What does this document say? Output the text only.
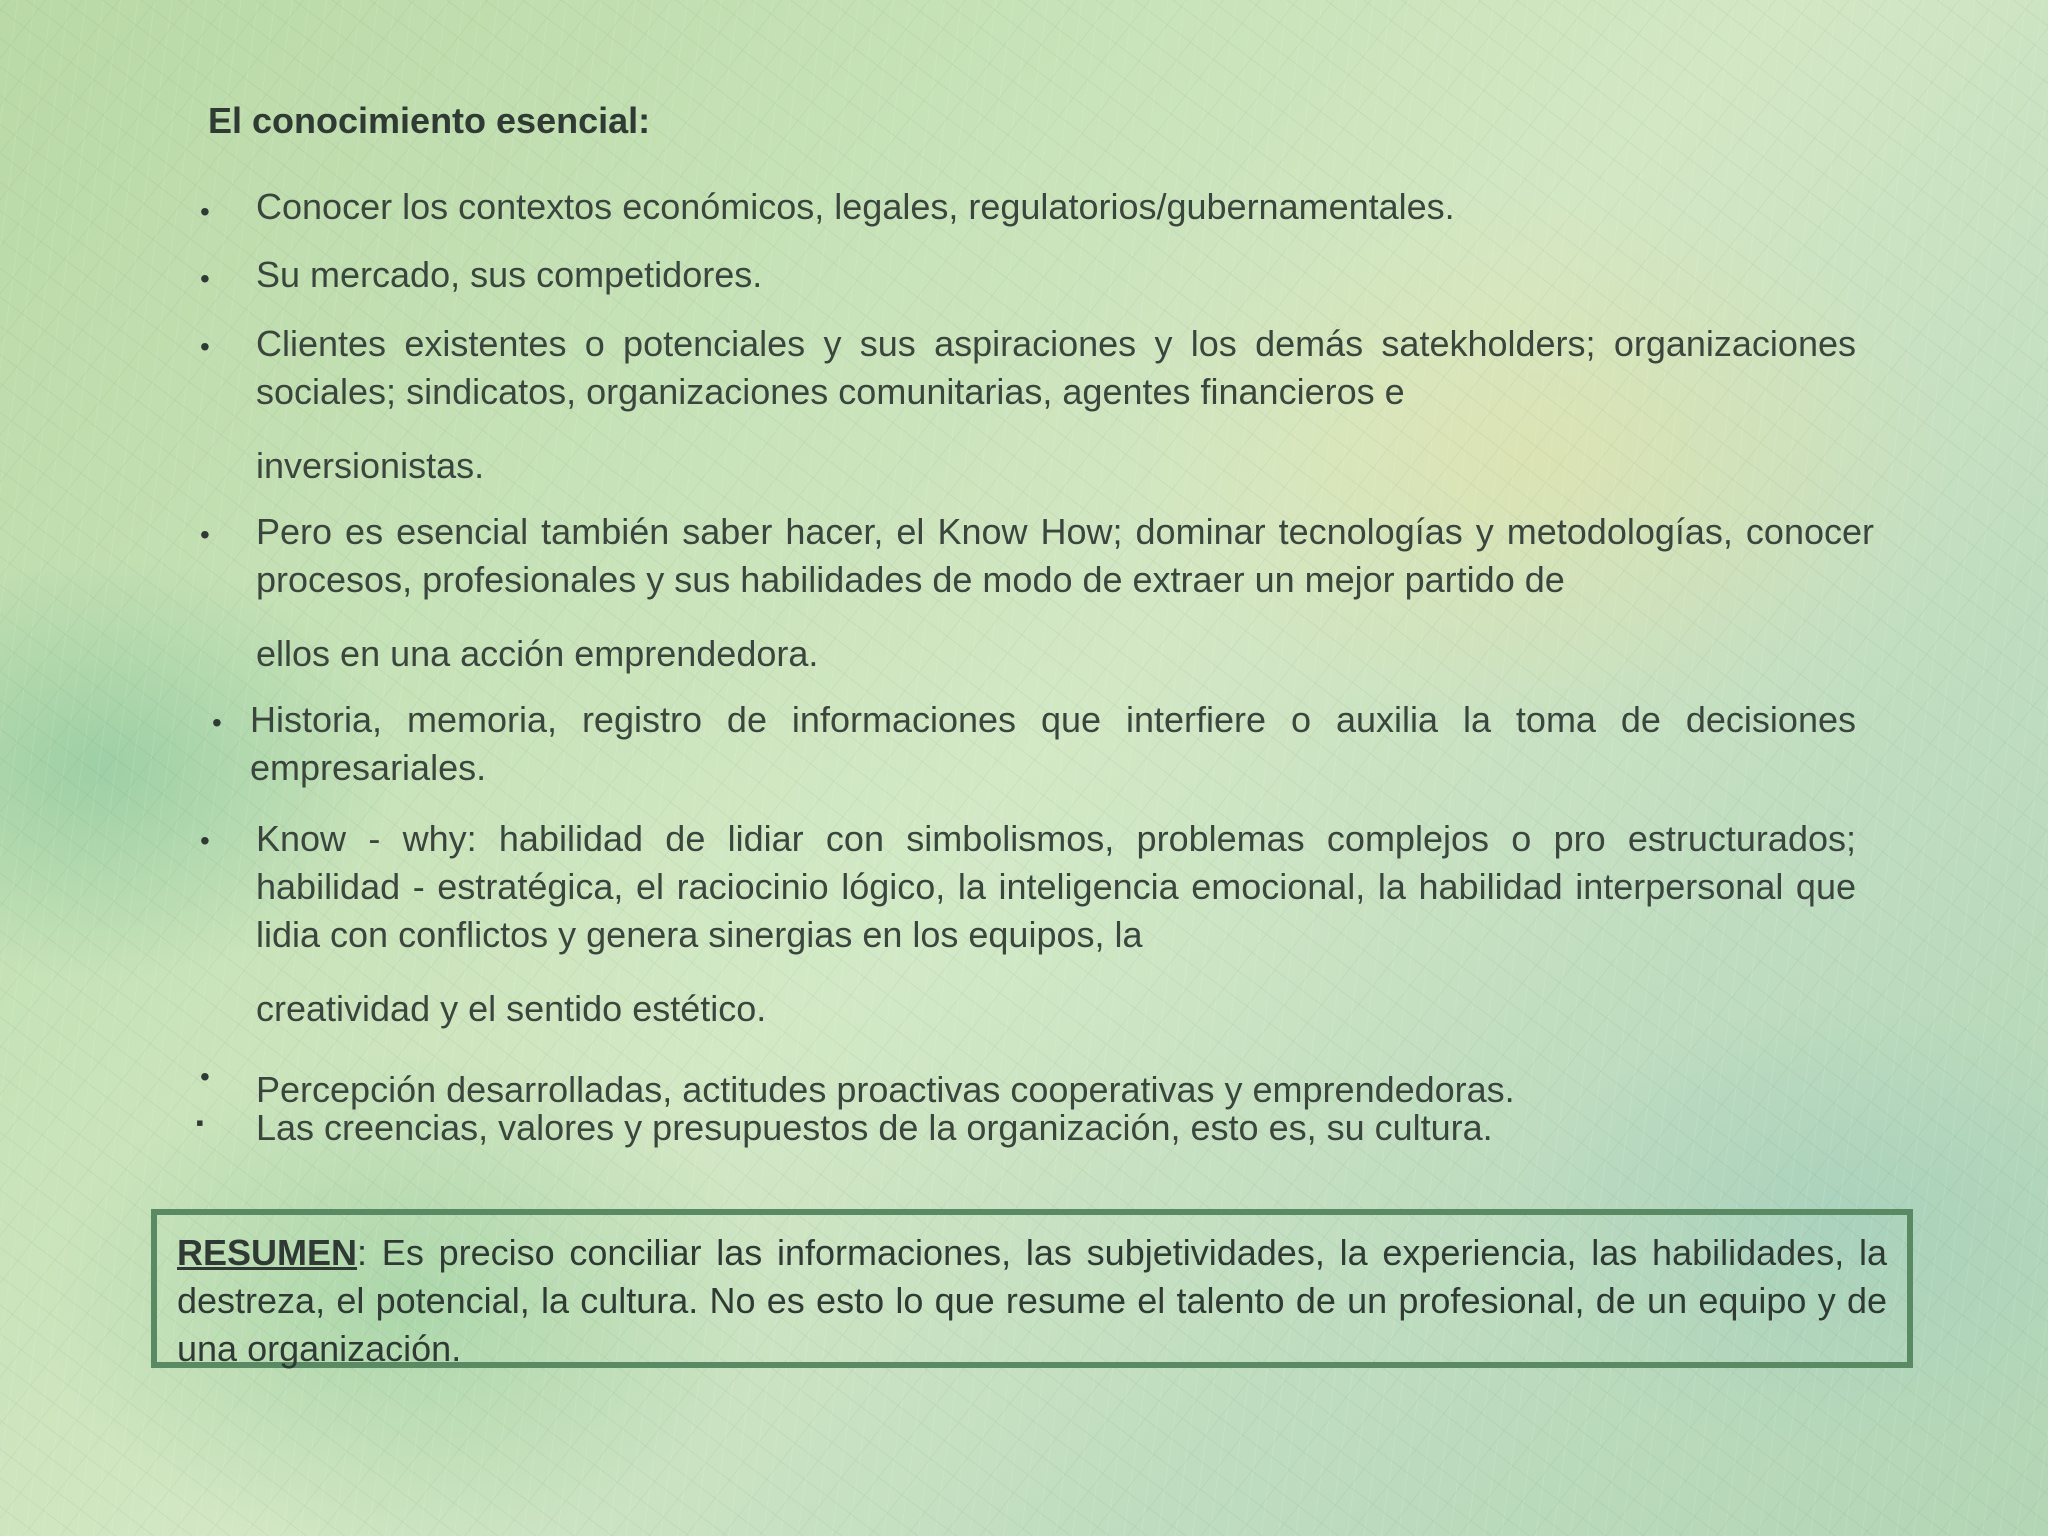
El conocimiento esencial:
• Conocer los contextos económicos, legales, regulatorios/gubernamentales.
• Su mercado, sus competidores.
• Clientes existentes o potenciales y sus aspiraciones y los demás satekholders; organizaciones sociales; sindicatos, organizaciones comunitarias, agentes financieros e
inversionistas.
• Pero es esencial también saber hacer, el Know How; dominar tecnologías y metodologías, conocer procesos, profesionales y sus habilidades de modo de extraer un mejor partido de
ellos en una acción emprendedora.
• Historia, memoria, registro de informaciones que interfiere o auxilia la toma de decisiones empresariales.
• Know - why: habilidad de lidiar con simbolismos, problemas complejos o pro estructurados; habilidad - estratégica, el raciocinio lógico, la inteligencia emocional, la habilidad interpersonal que lidia con conflictos y genera sinergias en los equipos, la
creatividad y el sentido estético.
• Percepción desarrolladas, actitudes proactivas cooperativas y emprendedoras.
▪ Las creencias, valores y presupuestos de la organización, esto es, su cultura.
RESUMEN: Es preciso conciliar las informaciones, las subjetividades, la experiencia, las habilidades, la destreza, el potencial, la cultura. No es esto lo que resume el talento de un profesional, de un equipo y de una organización.
